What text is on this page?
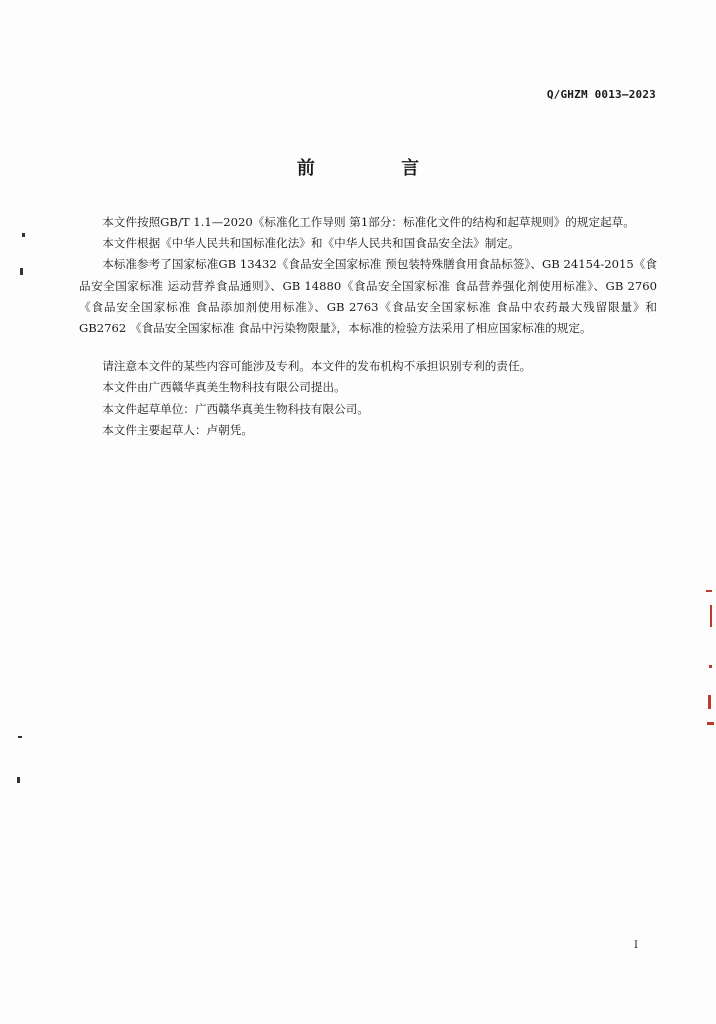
Q/GHZM 0013—2023
前 言

本文件按照GB/T 1.1—2020《标准化工作导则 第1部分：标准化文件的结构和起草规则》的规定起草。

本文件根据《中华人民共和国标准化法》和《中华人民共和国食品安全法》制定。

本标准参考了国家标准GB 13432《食品安全国家标准 预包装特殊膳食用食品标签》、GB 24154-2015《食品安全国家标准 运动营养食品通则》、GB 14880《食品安全国家标准 食品营养强化剂使用标准》、GB 2760 《食品安全国家标准 食品添加剂使用标准》、GB 2763《食品安全国家标准 食品中农药最大残留限量》和GB2762 《食品安全国家标准 食品中污染物限量》，本标准的检验方法采用了相应国家标准的规定。

请注意本文件的某些内容可能涉及专利。本文件的发布机构不承担识别专利的责任。

本文件由广西赣华真美生物科技有限公司提出。

本文件起草单位：广西赣华真美生物科技有限公司。

本文件主要起草人：卢朝凭。

I
